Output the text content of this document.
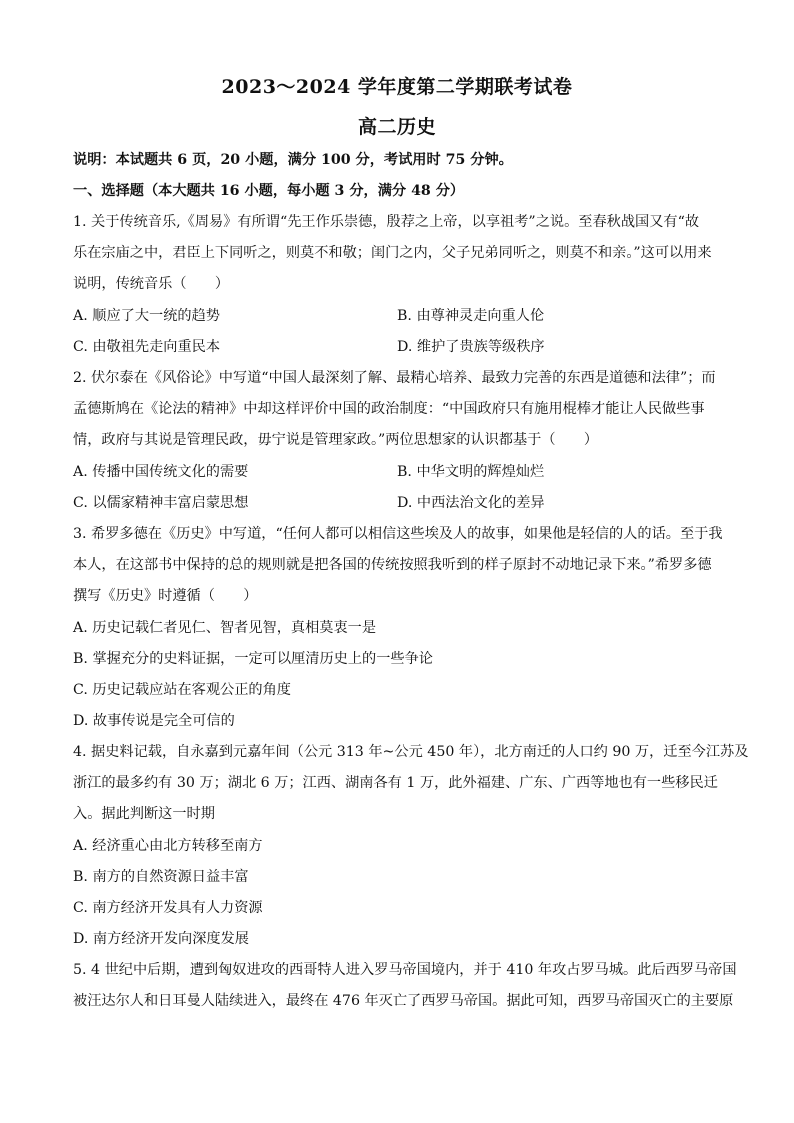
2023～2024 学年度第二学期联考试卷
高二历史
说明：本试题共 6 页，20 小题，满分 100 分，考试用时 75 分钟。
一、选择题（本大题共 16 小题，每小题 3 分，满分 48 分）
1. 关于传统音乐,《周易》有所谓“先王作乐崇德，殷荐之上帝，以享祖考”之说。至春秋战国又有“故
乐在宗庙之中，君臣上下同听之，则莫不和敬；闺门之内，父子兄弟同听之，则莫不和亲。”这可以用来
说明，传统音乐（　　）
A. 顺应了大一统的趋势	B. 由尊神灵走向重人伦
C. 由敬祖先走向重民本	D. 维护了贵族等级秩序
2. 伏尔泰在《风俗论》中写道“中国人最深刻了解、最精心培养、最致力完善的东西是道德和法律”；而
孟德斯鸠在《论法的精神》中却这样评价中国的政治制度：“中国政府只有施用棍棒才能让人民做些事
情，政府与其说是管理民政，毋宁说是管理家政。”两位思想家的认识都基于（　　）
A. 传播中国传统文化的需要	B. 中华文明的辉煌灿烂
C. 以儒家精神丰富启蒙思想	D. 中西法治文化的差异
3. 希罗多德在《历史》中写道，“任何人都可以相信这些埃及人的故事，如果他是轻信的人的话。至于我
本人，在这部书中保持的总的规则就是把各国的传统按照我听到的样子原封不动地记录下来。”希罗多德
撰写《历史》时遵循（　　）
A. 历史记载仁者见仁、智者见智，真相莫衷一是
B. 掌握充分的史料证据，一定可以厘清历史上的一些争论
C. 历史记载应站在客观公正的角度
D. 故事传说是完全可信的
4. 据史料记载，自永嘉到元嘉年间（公元 313 年~公元 450 年），北方南迁的人口约 90 万，迁至今江苏及
浙江的最多约有 30 万；湖北 6 万；江西、湖南各有 1 万，此外福建、广东、广西等地也有一些移民迁
入。据此判断这一时期
A. 经济重心由北方转移至南方
B. 南方的自然资源日益丰富
C. 南方经济开发具有人力资源
D. 南方经济开发向深度发展
5. 4 世纪中后期，遭到匈奴进攻的西哥特人进入罗马帝国境内，并于 410 年攻占罗马城。此后西罗马帝国
被汪达尔人和日耳曼人陆续进入，最终在 476 年灭亡了西罗马帝国。据此可知，西罗马帝国灭亡的主要原
